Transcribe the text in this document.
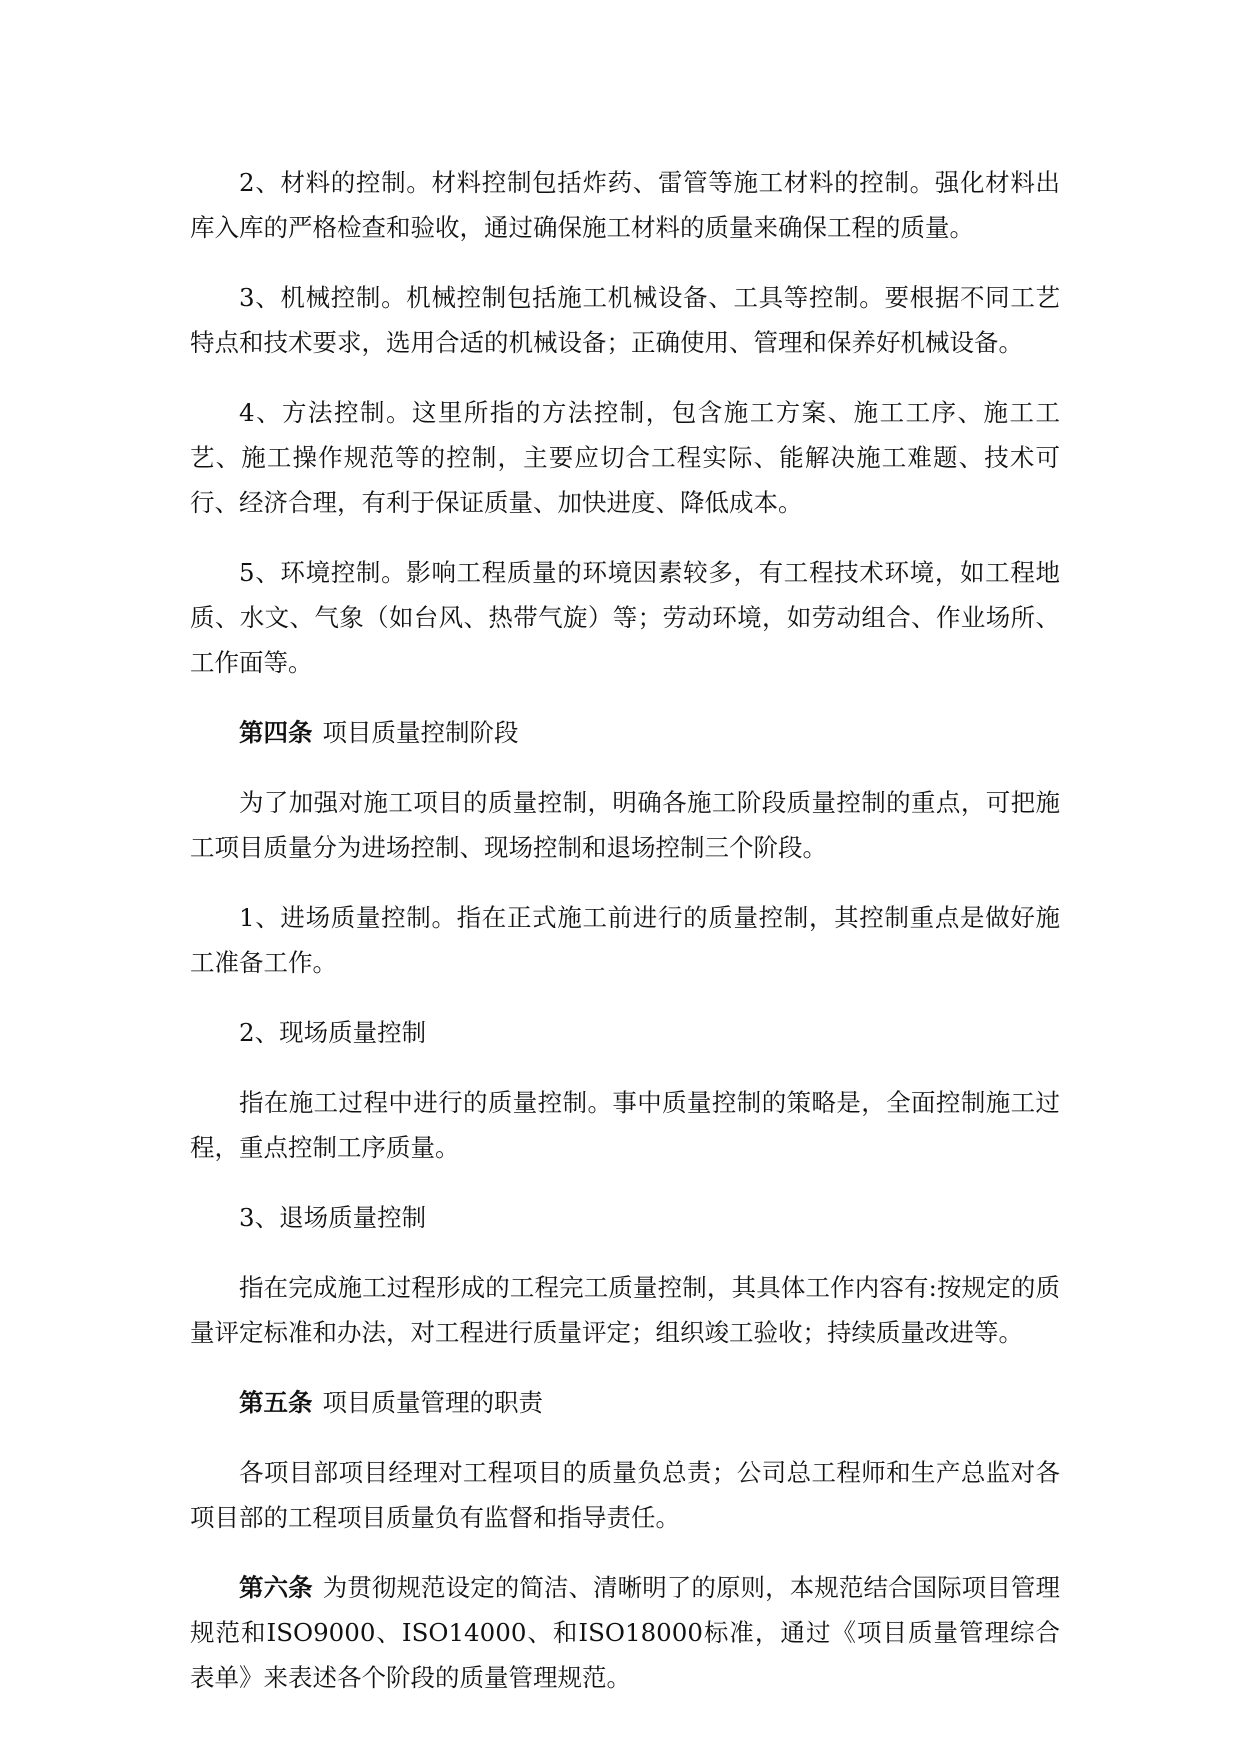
2、材料的控制。材料控制包括炸药、雷管等施工材料的控制。强化材料出库入库的严格检查和验收，通过确保施工材料的质量来确保工程的质量。

3、机械控制。机械控制包括施工机械设备、工具等控制。要根据不同工艺特点和技术要求，选用合适的机械设备；正确使用、管理和保养好机械设备。

4、方法控制。这里所指的方法控制，包含施工方案、施工工序、施工工艺、施工操作规范等的控制，主要应切合工程实际、能解决施工难题、技术可行、经济合理，有利于保证质量、加快进度、降低成本。

5、环境控制。影响工程质量的环境因素较多，有工程技术环境，如工程地质、水文、气象（如台风、热带气旋）等；劳动环境，如劳动组合、作业场所、工作面等。

第四条 项目质量控制阶段

为了加强对施工项目的质量控制，明确各施工阶段质量控制的重点，可把施工项目质量分为进场控制、现场控制和退场控制三个阶段。

1、进场质量控制。指在正式施工前进行的质量控制，其控制重点是做好施工准备工作。

2、现场质量控制

指在施工过程中进行的质量控制。事中质量控制的策略是，全面控制施工过程，重点控制工序质量。

3、退场质量控制

指在完成施工过程形成的工程完工质量控制，其具体工作内容有:按规定的质量评定标准和办法，对工程进行质量评定；组织竣工验收；持续质量改进等。

第五条 项目质量管理的职责

各项目部项目经理对工程项目的质量负总责；公司总工程师和生产总监对各项目部的工程项目质量负有监督和指导责任。

第六条 为贯彻规范设定的简洁、清晰明了的原则，本规范结合国际项目管理规范和ISO9000、ISO14000、和ISO18000标准，通过《项目质量管理综合表单》来表述各个阶段的质量管理规范。
